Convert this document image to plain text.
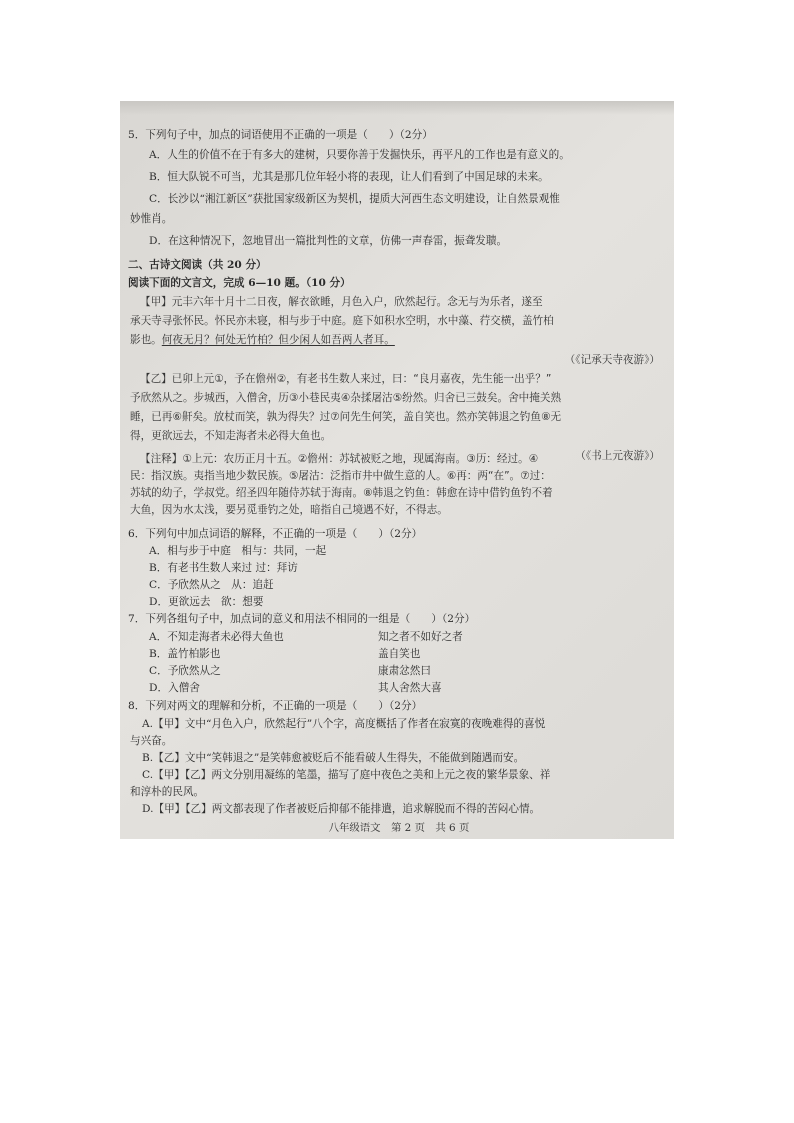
5．下列句子中，加点的词语使用不正确的一项是（　　）（2分）
A．人生的价值不在于有多大的建树，只要你善于发掘快乐，再平凡的工作也是有意义的。
B．恒大队锐不可当，尤其是那几位年轻小将的表现，让人们看到了中国足球的未来。
C．长沙以“湘江新区”获批国家级新区为契机，提质大河西生态文明建设，让自然景观惟
妙惟肖。
D．在这种情况下，忽地冒出一篇批判性的文章，仿佛一声春雷，振聋发聩。
二、古诗文阅读（共 20 分）
阅读下面的文言文，完成 6—10 题。（10 分）
【甲】元丰六年十月十二日夜，解衣欲睡，月色入户，欣然起行。念无与为乐者，遂至
承天寺寻张怀民。怀民亦未寝，相与步于中庭。庭下如积水空明，水中藻、荇交横，盖竹柏
影也。何夜无月？何处无竹柏？但少闲人如吾两人者耳。
（《记承天寺夜游》）
【乙】已卯上元①，予在儋州②，有老书生数人来过，曰：“良月嘉夜，先生能一出乎？”
予欣然从之。步城西，入僧舍，历③小巷民夷④杂揉屠沽⑤纷然。归舍已三鼓矣。舍中掩关熟
睡，已再⑥鼾矣。放杖而笑，孰为得失？过⑦问先生何笑，盖自笑也。然亦笑韩退之钓鱼⑧无
得，更欲远去，不知走海者未必得大鱼也。
（《书上元夜游》）
【注释】①上元：农历正月十五。②儋州：苏轼被贬之地，现属海南。③历：经过。④
民：指汉族。夷指当地少数民族。⑤屠沽：泛指市井中做生意的人。⑥再：两“在”。⑦过：
苏轼的幼子，学叔党。绍圣四年随侍苏轼于海南。⑧韩退之钓鱼：韩愈在诗中借钓鱼钓不着
大鱼，因为水太浅，要另觅垂钓之处，暗指自己境遇不好，不得志。
6．下列句中加点词语的解释，不正确的一项是（　　）（2分）
A．相与步于中庭　相与：共同，一起
B．有老书生数人来过 过：拜访
C．予欣然从之　从：追赶
D．更欲远去　欲：想要
7．下列各组句子中，加点词的意义和用法不相同的一组是（　　）（2分）
A．不知走海者未必得大鱼也	知之者不如好之者
B．盖竹柏影也	盖自笑也
C．予欣然从之	康肃忿然曰
D．入僧舍	其人舍然大喜
8．下列对两文的理解和分析，不正确的一项是（　　）（2分）
A.【甲】文中“月色入户，欣然起行”八个字，高度概括了作者在寂寞的夜晚难得的喜悦
与兴奋。
八年级语文　第 2 页　共 6 页
B.【乙】文中“笑韩退之”是笑韩愈被贬后不能看破人生得失，不能做到随遇而安。
C.【甲】【乙】两文分别用凝练的笔墨，描写了庭中夜色之美和上元之夜的繁华景象、祥
和淳朴的民风。
D.【甲】【乙】两文都表现了作者被贬后抑郁不能排遣，追求解脱而不得的苦闷心情。
